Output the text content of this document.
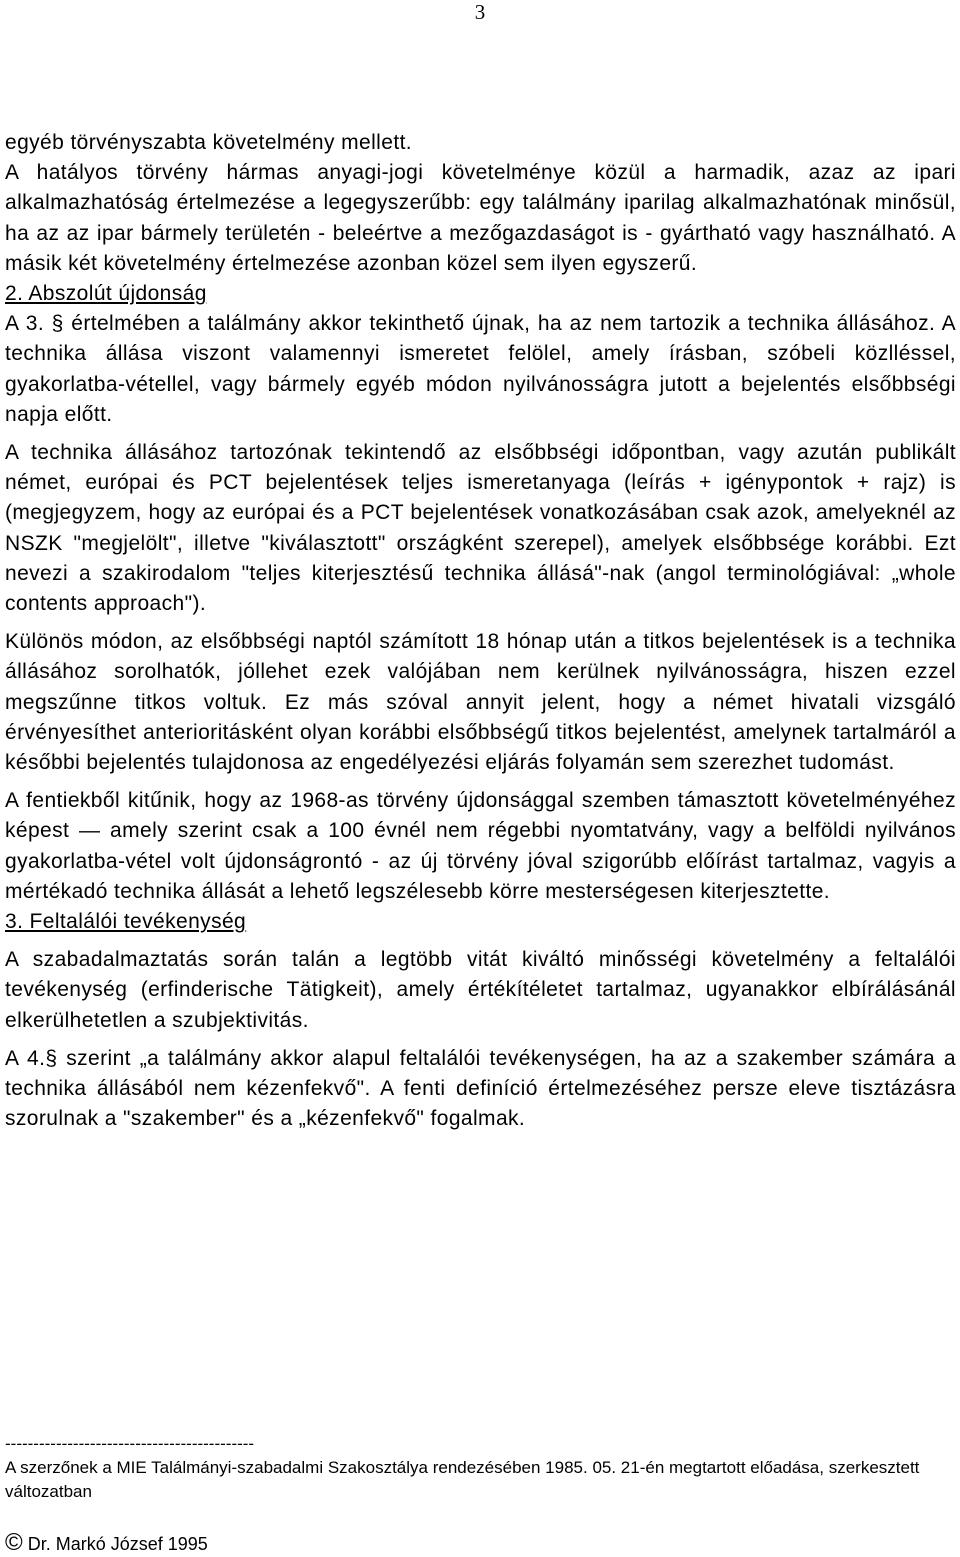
3

egyéb törvényszabta követelmény mellett.

A hatályos törvény hármas anyagi-jogi követelménye közül a harmadik, azaz az ipari alkalmazhatóság értelmezése a legegyszerűbb: egy találmány iparilag alkalmazhatónak minősül, ha az az ipar bármely területén - beleértve a mezőgazdaságot is - gyártható vagy használható. A másik két követelmény értelmezése azonban közel sem ilyen egyszerű.

2. Abszolút újdonság

A 3. § értelmében a találmány akkor tekinthető újnak, ha az nem tartozik a technika állásához. A technika állása viszont valamennyi ismeretet felölel, amely írásban, szóbeli közlléssel, gyakorlatba-vétellel, vagy bármely egyéb módon nyilvánosságra jutott a bejelentés elsőbbségi napja előtt.

A technika állásához tartozónak tekintendő az elsőbbségi időpontban, vagy azután publikált német, európai és PCT bejelentések teljes ismeretanyaga (leírás + igénypontok + rajz) is (megjegyzem, hogy az európai és a PCT bejelentések vonatkozásában csak azok, amelyeknél az NSZK "megjelölt", illetve "kiválasztott" országként szerepel), amelyek elsőbbsége korábbi. Ezt nevezi a szakirodalom "teljes kiterjesztésű technika állásá"-nak (angol terminológiával: „whole contents approach").

Különös módon, az elsőbbségi naptól számított 18 hónap után a titkos bejelentések is a technika állásához sorolhatók, jóllehet ezek valójában nem kerülnek nyilvánosságra, hiszen ezzel megszűnne titkos voltuk. Ez más szóval annyit jelent, hogy a német hivatali vizsgáló érvényesíthet anterioritásként olyan korábbi elsőbbségű titkos bejelentést, amelynek tartalmáról a későbbi bejelentés tulajdonosa az engedélyezési eljárás folyamán sem szerezhet tudomást.

A fentiekből kitűnik, hogy az 1968-as törvény újdonsággal szemben támasztott követelményéhez képest — amely szerint csak a 100 évnél nem régebbi nyomtatvány, vagy a belföldi nyilvános gyakorlatba-vétel volt újdonságrontó - az új törvény jóval szigorúbb előírást tartalmaz, vagyis a mértékadó technika állását a lehető legszélesebb körre mesterségesen kiterjesztette.

3. Feltalálói tevékenység

A szabadalmaztatás során talán a legtöbb vitát kiváltó minősségi követelmény a feltalálói tevékenység (erfinderische Tätigkeit), amely értékítéletet tartalmaz, ugyanakkor elbírálásánál elkerülhetetlen a szubjektivitás.

A 4.§ szerint „a találmány akkor alapul feltalálói tevékenységen, ha az a szakember számára a technika állásából nem kézenfekvő". A fenti definíció értelmezéséhez persze eleve tisztázásra szorulnak a "szakember" és a „kézenfekvő" fogalmak.

--------------------------------------------
A szerzőnek a MIE Találmányi-szabadalmi Szakosztálya rendezésében 1985. 05. 21-én megtartott előadása, szerkesztett változatban
© Dr. Markó József 1995
